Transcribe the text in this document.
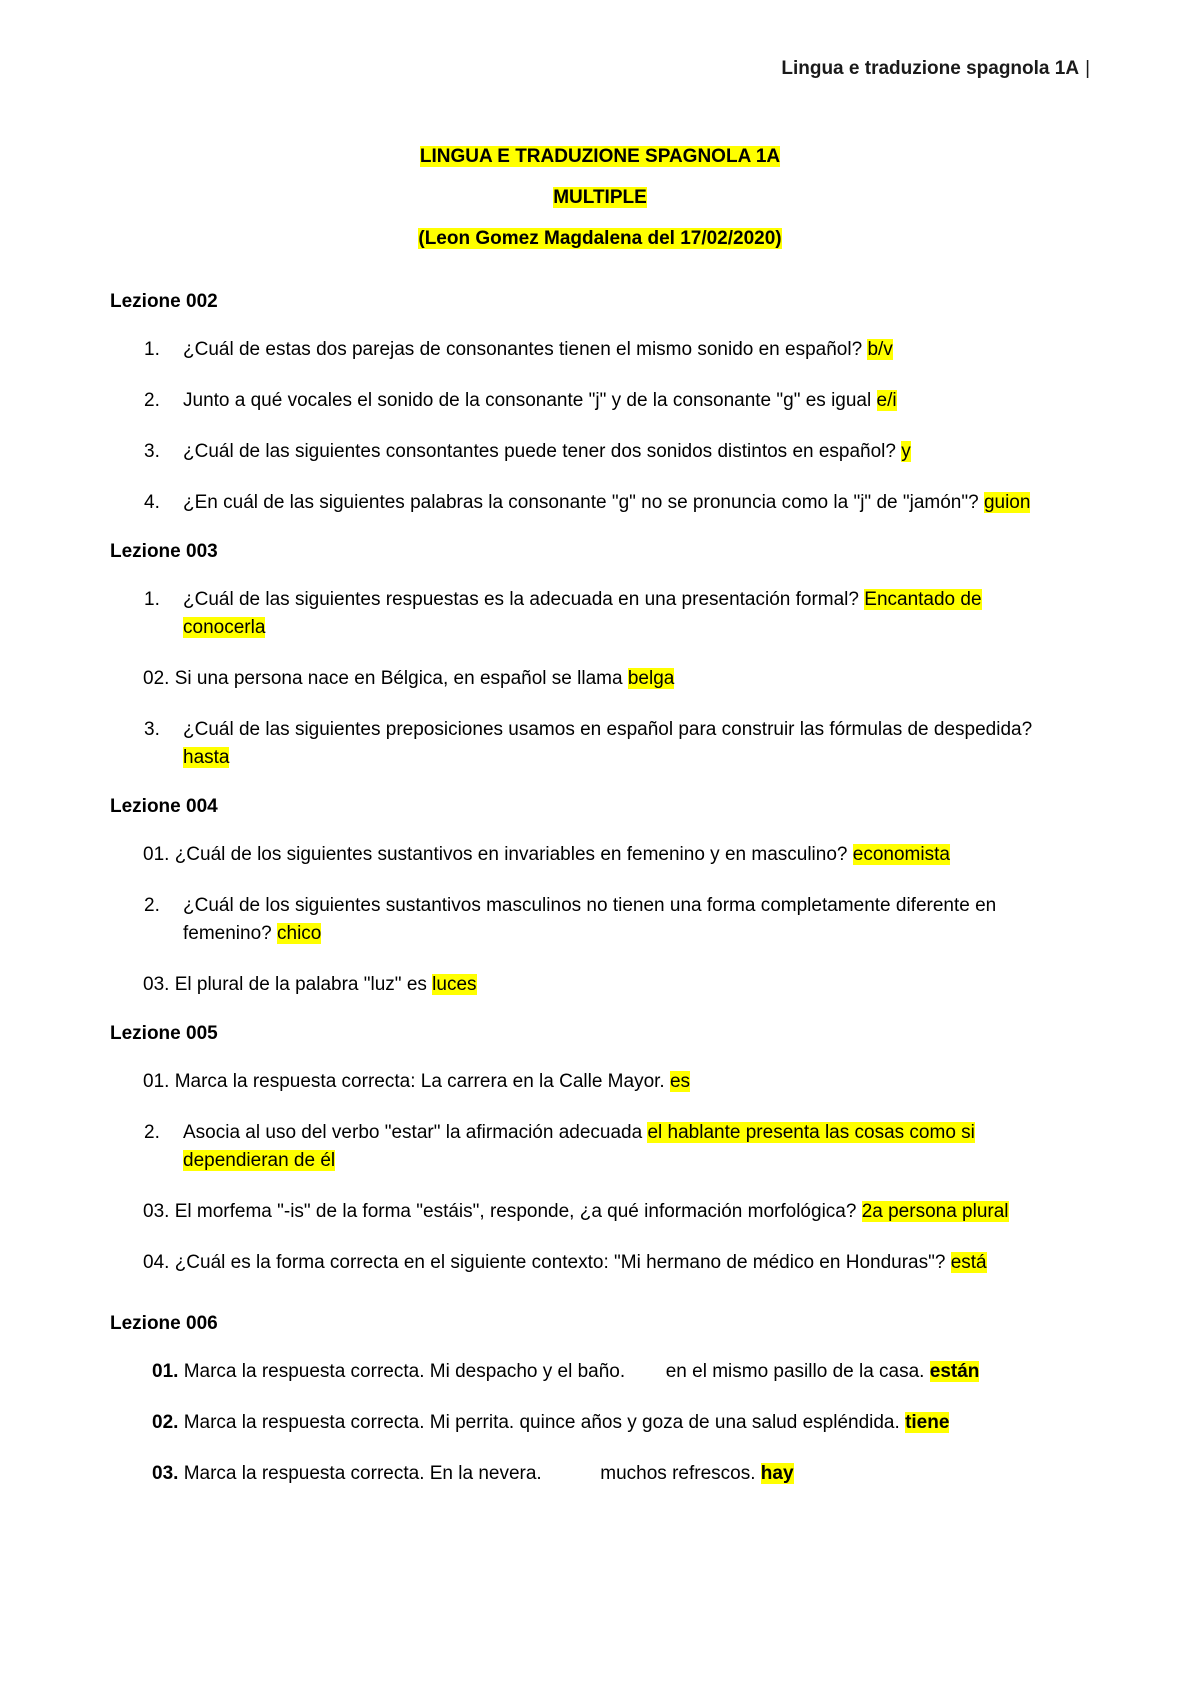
Lingua e traduzione spagnola 1A |
LINGUA E TRADUZIONE SPAGNOLA 1A
MULTIPLE
(Leon Gomez Magdalena del 17/02/2020)
Lezione 002
1. ¿Cuál de estas dos parejas de consonantes tienen el mismo sonido en español? b/v
2. Junto a qué vocales el sonido de la consonante "j" y de la consonante "g" es igual e/i
3. ¿Cuál de las siguientes consontantes puede tener dos sonidos distintos en español? y
4. ¿En cuál de las siguientes palabras la consonante "g" no se pronuncia como la "j" de "jamón"? guion
Lezione 003
1. ¿Cuál de las siguientes respuestas es la adecuada en una presentación formal? Encantado de conocerla
02. Si una persona nace en Bélgica, en español se llama belga
3. ¿Cuál de las siguientes preposiciones usamos en español para construir las fórmulas de despedida? hasta
Lezione 004
01. ¿Cuál de los siguientes sustantivos en invariables en femenino y en masculino? economista
2. ¿Cuál de los siguientes sustantivos masculinos no tienen una forma completamente diferente en femenino? chico
03. El plural de la palabra "luz" es luces
Lezione 005
01. Marca la respuesta correcta: La carrera en la Calle Mayor. es
2. Asocia al uso del verbo "estar" la afirmación adecuada el hablante presenta las cosas como si dependieran de él
03. El morfema "-is" de la forma "estáis", responde, ¿a qué información morfológica? 2a persona plural
04. ¿Cuál es la forma correcta en el siguiente contexto: "Mi hermano de médico en Honduras"? está
Lezione 006
01. Marca la respuesta correcta. Mi despacho y el baño. en el mismo pasillo de la casa. están
02. Marca la respuesta correcta. Mi perrita. quince años y goza de una salud espléndida. tiene
03. Marca la respuesta correcta. En la nevera.	muchos refrescos. hay
